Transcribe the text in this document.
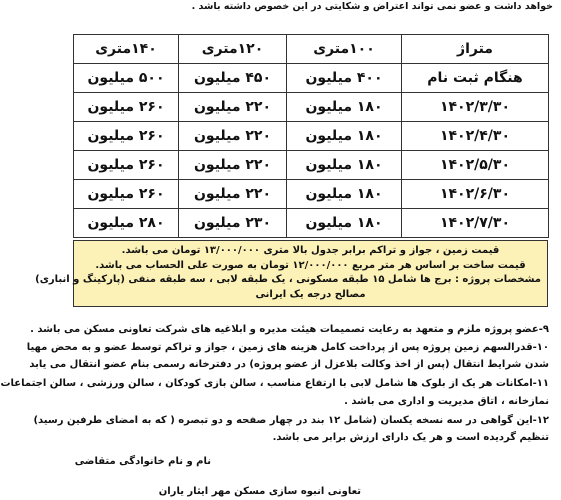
خواهد داشت و عضو نمی تواند اعتراض و شکایتی در این خصوص داشته باشد .
متراژ	۱۰۰متری	۱۲۰متری	۱۴۰متری
هنگام ثبت نام	۴۰۰ میلیون	۴۵۰ میلیون	۵۰۰ میلیون
۱۴۰۲/۳/۳۰	۱۸۰ میلیون	۲۲۰ میلیون	۲۶۰ میلیون
۱۴۰۲/۴/۳۰	۱۸۰ میلیون	۲۲۰ میلیون	۲۶۰ میلیون
۱۴۰۲/۵/۳۰	۱۸۰ میلیون	۲۲۰ میلیون	۲۶۰ میلیون
۱۴۰۲/۶/۳۰	۱۸۰ میلیون	۲۲۰ میلیون	۲۶۰ میلیون
۱۴۰۲/۷/۳۰	۱۸۰ میلیون	۲۳۰ میلیون	۲۸۰ میلیون
قیمت زمین ، جواز و تراکم برابر جدول بالا متری ۱۳/۰۰۰/۰۰۰ تومان می باشد.
قیمت ساخت بر اساس هر متر مربع ۱۲/۰۰۰/۰۰۰ تومان به صورت علی الحساب می باشد.
مشخصات پروژه : برج ها شامل ۱۵ طبقه مسکونی ، یک طبقه لابی ، سه طبقه منفی (پارکینگ و انباری)
مصالح درجه یک ایرانی
۹-عضو پروژه ملزم و متعهد به رعایت تصمیمات هیئت مدیره و ابلاغیه های شرکت تعاونی مسکن می باشد .
۱۰-قدرالسهم زمین پروژه پس از پرداخت کامل هزینه های زمین ، جواز و تراکم توسط عضو و به محض مهیا
شدن شرایط انتقال (پس از اخذ وکالت بلاعزل از عضو پروژه) در دفترخانه رسمی بنام عضو انتقال می یابد
۱۱-امکانات هر یک از بلوک ها شامل لابی با ارتفاع مناسب ، سالن بازی کودکان ، سالن ورزشی ، سالن اجتماعات
نمازخانه ، اتاق مدیریت و اداری می باشد .
۱۲-این گواهی در سه نسخه یکسان (شامل ۱۲ بند در چهار صفحه و دو تبصره ( که به امضای طرفین رسید)
تنظیم گردیده است و هر یک دارای ارزش برابر می باشد.
نام و نام خانوادگی متقاضی
تعاونی انبوه سازی مسکن مهر ایثار یاران
